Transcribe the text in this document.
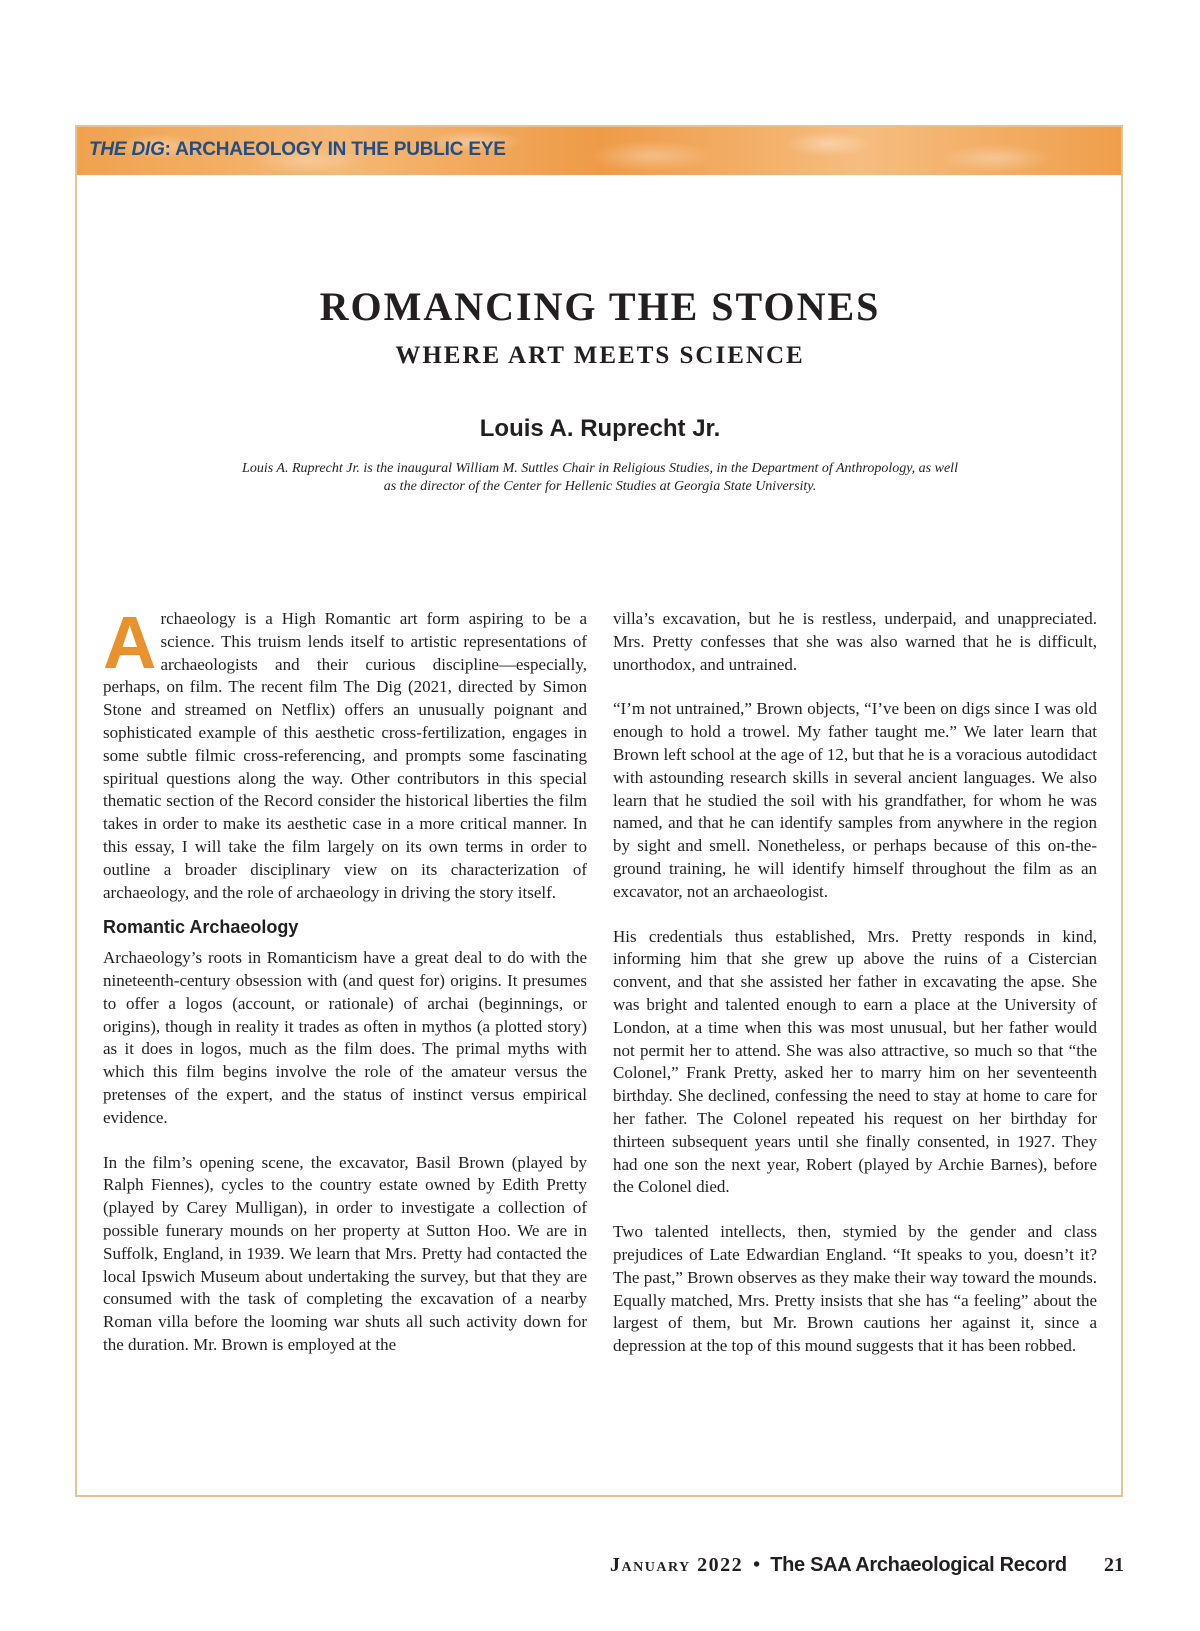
THE DIG: ARCHAEOLOGY IN THE PUBLIC EYE
ROMANCING THE STONES
WHERE ART MEETS SCIENCE
Louis A. Ruprecht Jr.
Louis A. Ruprecht Jr. is the inaugural William M. Suttles Chair in Religious Studies, in the Department of Anthropology, as well as the director of the Center for Hellenic Studies at Georgia State University.

Archaeology is a High Romantic art form aspiring to be a science. This truism lends itself to artistic representations of archaeologists and their curious discipline—especially, perhaps, on film. The recent film The Dig (2021, directed by Simon Stone and streamed on Netflix) offers an unusually poignant and sophisticated example of this aesthetic cross-fertilization, engages in some subtle filmic cross-referencing, and prompts some fascinating spiritual questions along the way. Other contributors in this special thematic section of the Record consider the historical liberties the film takes in order to make its aesthetic case in a more critical manner. In this essay, I will take the film largely on its own terms in order to outline a broader disciplinary view on its characterization of archaeology, and the role of archaeology in driving the story itself.

Romantic Archaeology

Archaeology’s roots in Romanticism have a great deal to do with the nineteenth-century obsession with (and quest for) origins. It presumes to offer a logos (account, or rationale) of archai (beginnings, or origins), though in reality it trades as often in mythos (a plotted story) as it does in logos, much as the film does. The primal myths with which this film begins involve the role of the amateur versus the pretenses of the expert, and the status of instinct versus empirical evidence.

In the film’s opening scene, the excavator, Basil Brown (played by Ralph Fiennes), cycles to the country estate owned by Edith Pretty (played by Carey Mulligan), in order to investigate a collection of possible funerary mounds on her property at Sutton Hoo. We are in Suffolk, England, in 1939. We learn that Mrs. Pretty had contacted the local Ipswich Museum about undertaking the survey, but that they are consumed with the task of completing the excavation of a nearby Roman villa before the looming war shuts all such activity down for the duration. Mr. Brown is employed at the

villa’s excavation, but he is restless, underpaid, and unappreciated. Mrs. Pretty confesses that she was also warned that he is difficult, unorthodox, and untrained.

“I’m not untrained,” Brown objects, “I’ve been on digs since I was old enough to hold a trowel. My father taught me.” We later learn that Brown left school at the age of 12, but that he is a voracious autodidact with astounding research skills in several ancient languages. We also learn that he studied the soil with his grandfather, for whom he was named, and that he can identify samples from anywhere in the region by sight and smell. Nonetheless, or perhaps because of this on-the-ground training, he will identify himself throughout the film as an excavator, not an archaeologist.

His credentials thus established, Mrs. Pretty responds in kind, informing him that she grew up above the ruins of a Cistercian convent, and that she assisted her father in excavating the apse. She was bright and talented enough to earn a place at the University of London, at a time when this was most unusual, but her father would not permit her to attend. She was also attractive, so much so that “the Colonel,” Frank Pretty, asked her to marry him on her seventeenth birthday. She declined, confessing the need to stay at home to care for her father. The Colonel repeated his request on her birthday for thirteen subsequent years until she finally consented, in 1927. They had one son the next year, Robert (played by Archie Barnes), before the Colonel died.

Two talented intellects, then, stymied by the gender and class prejudices of Late Edwardian England. “It speaks to you, doesn’t it? The past,” Brown observes as they make their way toward the mounds. Equally matched, Mrs. Pretty insists that she has “a feeling” about the largest of them, but Mr. Brown cautions her against it, since a depression at the top of this mound suggests that it has been robbed.

January 2022 • The SAA Archaeological Record 21
